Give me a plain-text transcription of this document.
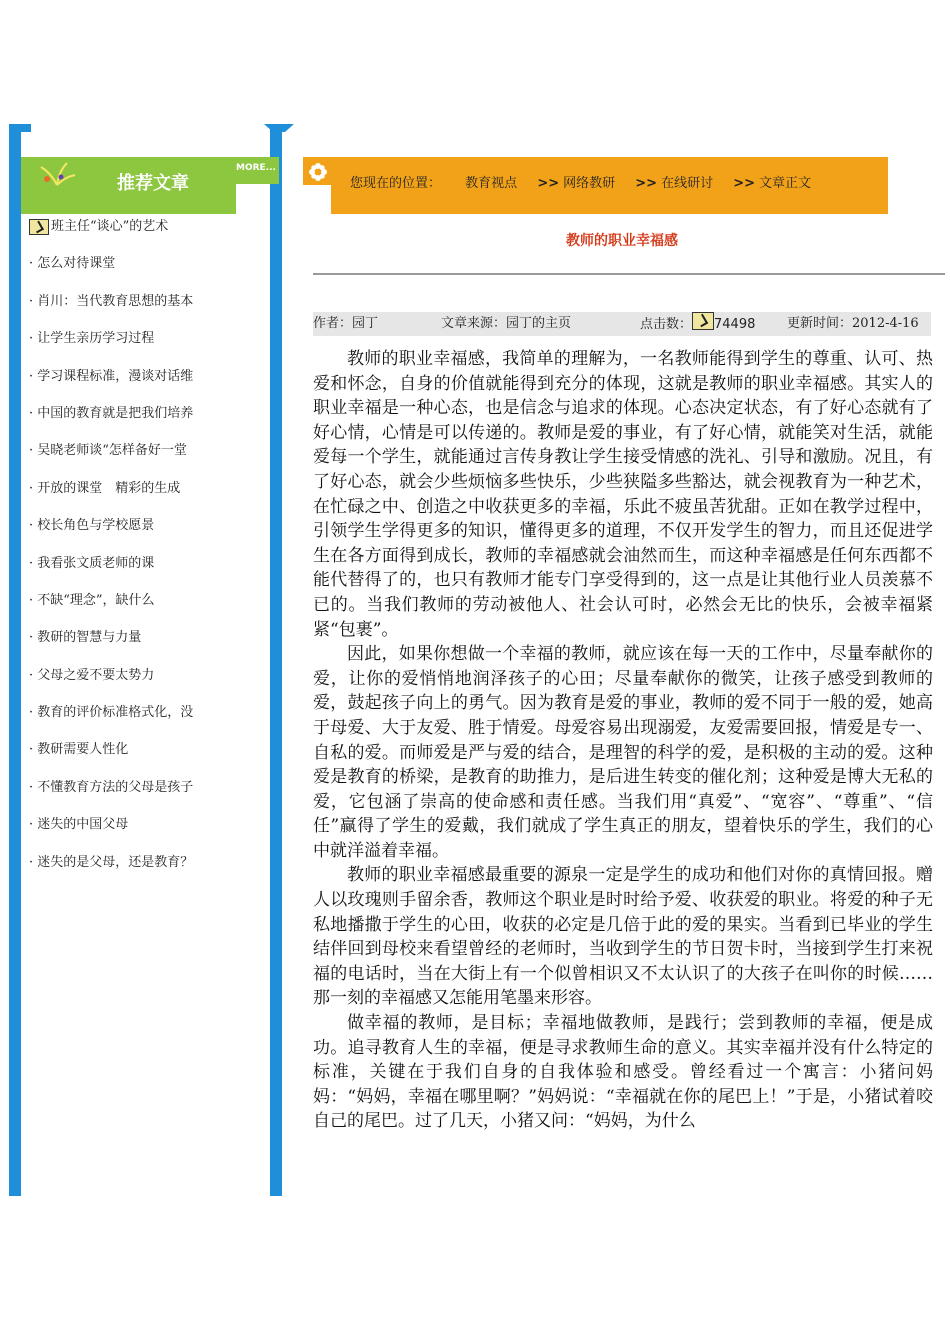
推荐文章
MORE...
班主任“谈心”的艺术
· 怎么对待课堂
· 肖川：当代教育思想的基本
· 让学生亲历学习过程
· 学习课程标准，漫谈对话维
· 中国的教育就是把我们培养
· 吴晓老师谈“怎样备好一堂
· 开放的课堂　精彩的生成
· 校长角色与学校愿景
· 我看张文质老师的课
· 不缺“理念”，缺什么
· 教研的智慧与力量
· 父母之爱不要太势力
· 教育的评价标准格式化，没
· 教研需要人性化
· 不懂教育方法的父母是孩子
· 迷失的中国父母
· 迷失的是父母，还是教育？
您现在的位置： 教育视点 >> 网络教研 >> 在线研讨 >> 文章正文
教师的职业幸福感
作者：园丁	文章来源：园丁的主页	点击数： 74498 更新时间：2012-4-16

教师的职业幸福感，我简单的理解为，一名教师能得到学生的尊重、认可、热爱和怀念，自身的价值就能得到充分的体现，这就是教师的职业幸福感。其实人的职业幸福是一种心态，也是信念与追求的体现。心态决定状态，有了好心态就有了好心情，心情是可以传递的。教师是爱的事业，有了好心情，就能笑对生活，就能爱每一个学生，就能通过言传身教让学生接受情感的洗礼、引导和激励。况且，有了好心态，就会少些烦恼多些快乐，少些狭隘多些豁达，就会视教育为一种艺术，在忙碌之中、创造之中收获更多的幸福，乐此不疲虽苦犹甜。正如在教学过程中，引领学生学得更多的知识，懂得更多的道理，不仅开发学生的智力，而且还促进学生在各方面得到成长，教师的幸福感就会油然而生，而这种幸福感是任何东西都不能代替得了的，也只有教师才能专门享受得到的，这一点是让其他行业人员羡慕不已的。当我们教师的劳动被他人、社会认可时，必然会无比的快乐，会被幸福紧紧“包裹”。

因此，如果你想做一个幸福的教师，就应该在每一天的工作中，尽量奉献你的爱，让你的爱悄悄地润泽孩子的心田；尽量奉献你的微笑，让孩子感受到教师的爱，鼓起孩子向上的勇气。因为教育是爱的事业，教师的爱不同于一般的爱，她高于母爱、大于友爱、胜于情爱。母爱容易出现溺爱，友爱需要回报，情爱是专一、自私的爱。而师爱是严与爱的结合，是理智的科学的爱，是积极的主动的爱。这种爱是教育的桥梁，是教育的助推力，是后进生转变的催化剂；这种爱是博大无私的爱，它包涵了崇高的使命感和责任感。当我们用“真爱”、“宽容”、“尊重”、“信任”赢得了学生的爱戴，我们就成了学生真正的朋友，望着快乐的学生，我们的心中就洋溢着幸福。

教师的职业幸福感最重要的源泉一定是学生的成功和他们对你的真情回报。赠人以玫瑰则手留余香，教师这个职业是时时给予爱、收获爱的职业。将爱的种子无私地播撒于学生的心田，收获的必定是几倍于此的爱的果实。当看到已毕业的学生结伴回到母校来看望曾经的老师时，当收到学生的节日贺卡时，当接到学生打来祝福的电话时，当在大街上有一个似曾相识又不太认识了的大孩子在叫你的时候……那一刻的幸福感又怎能用笔墨来形容。

做幸福的教师，是目标；幸福地做教师，是践行；尝到教师的幸福，便是成功。追寻教育人生的幸福，便是寻求教师生命的意义。其实幸福并没有什么特定的标准，关键在于我们自身的自我体验和感受。曾经看过一个寓言：小猪问妈妈：“妈妈，幸福在哪里啊？”妈妈说：“幸福就在你的尾巴上！”于是，小猪试着咬自己的尾巴。过了几天，小猪又问：“妈妈，为什么
